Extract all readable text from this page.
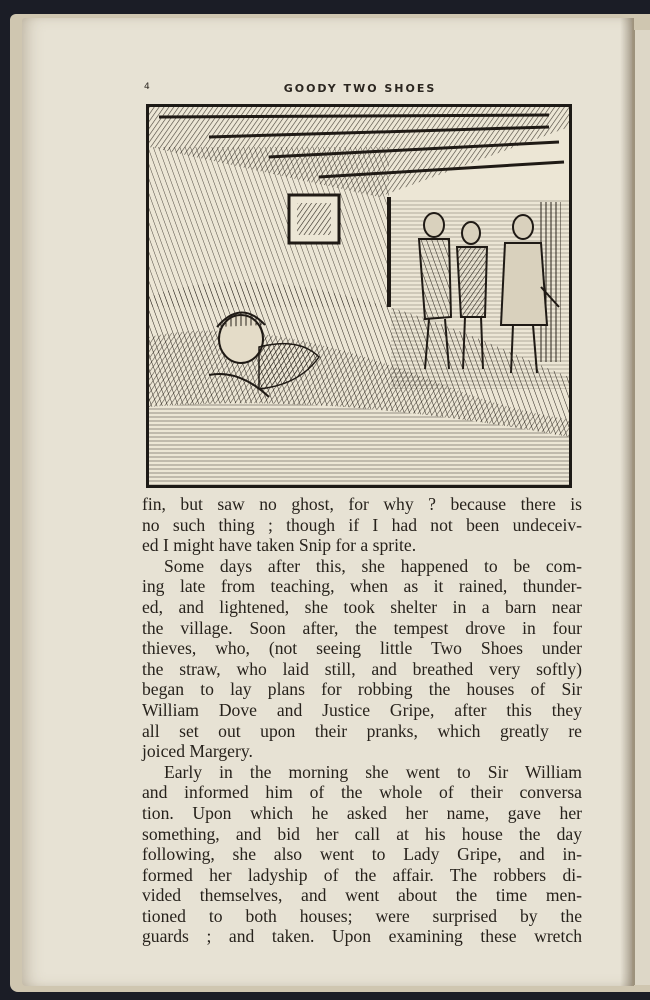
4	GOODY TWO SHOES
fin, but saw no ghost, for why ? because there is
no such thing ; though if I had not been undeceiv-
ed I might have taken Snip for a sprite.
Some days after this, she happened to be com-
ing late from teaching, when as it rained, thunder-
ed, and lightened, she took shelter in a barn near
the village. Soon after, the tempest drove in four
thieves, who, (not seeing little Two Shoes under
the straw, who laid still, and breathed very softly)
began to lay plans for robbing the houses of Sir
William Dove and Justice Gripe, after this they
all set out upon their pranks, which greatly re
joiced Margery.
Early in the morning she went to Sir William
and informed him of the whole of their conversa
tion. Upon which he asked her name, gave her
something, and bid her call at his house the day
following, she also went to Lady Gripe, and in-
formed her ladyship of the affair. The robbers di-
vided themselves, and went about the time men-
tioned to both houses; were surprised by the
guards ; and taken. Upon examining these wretch
